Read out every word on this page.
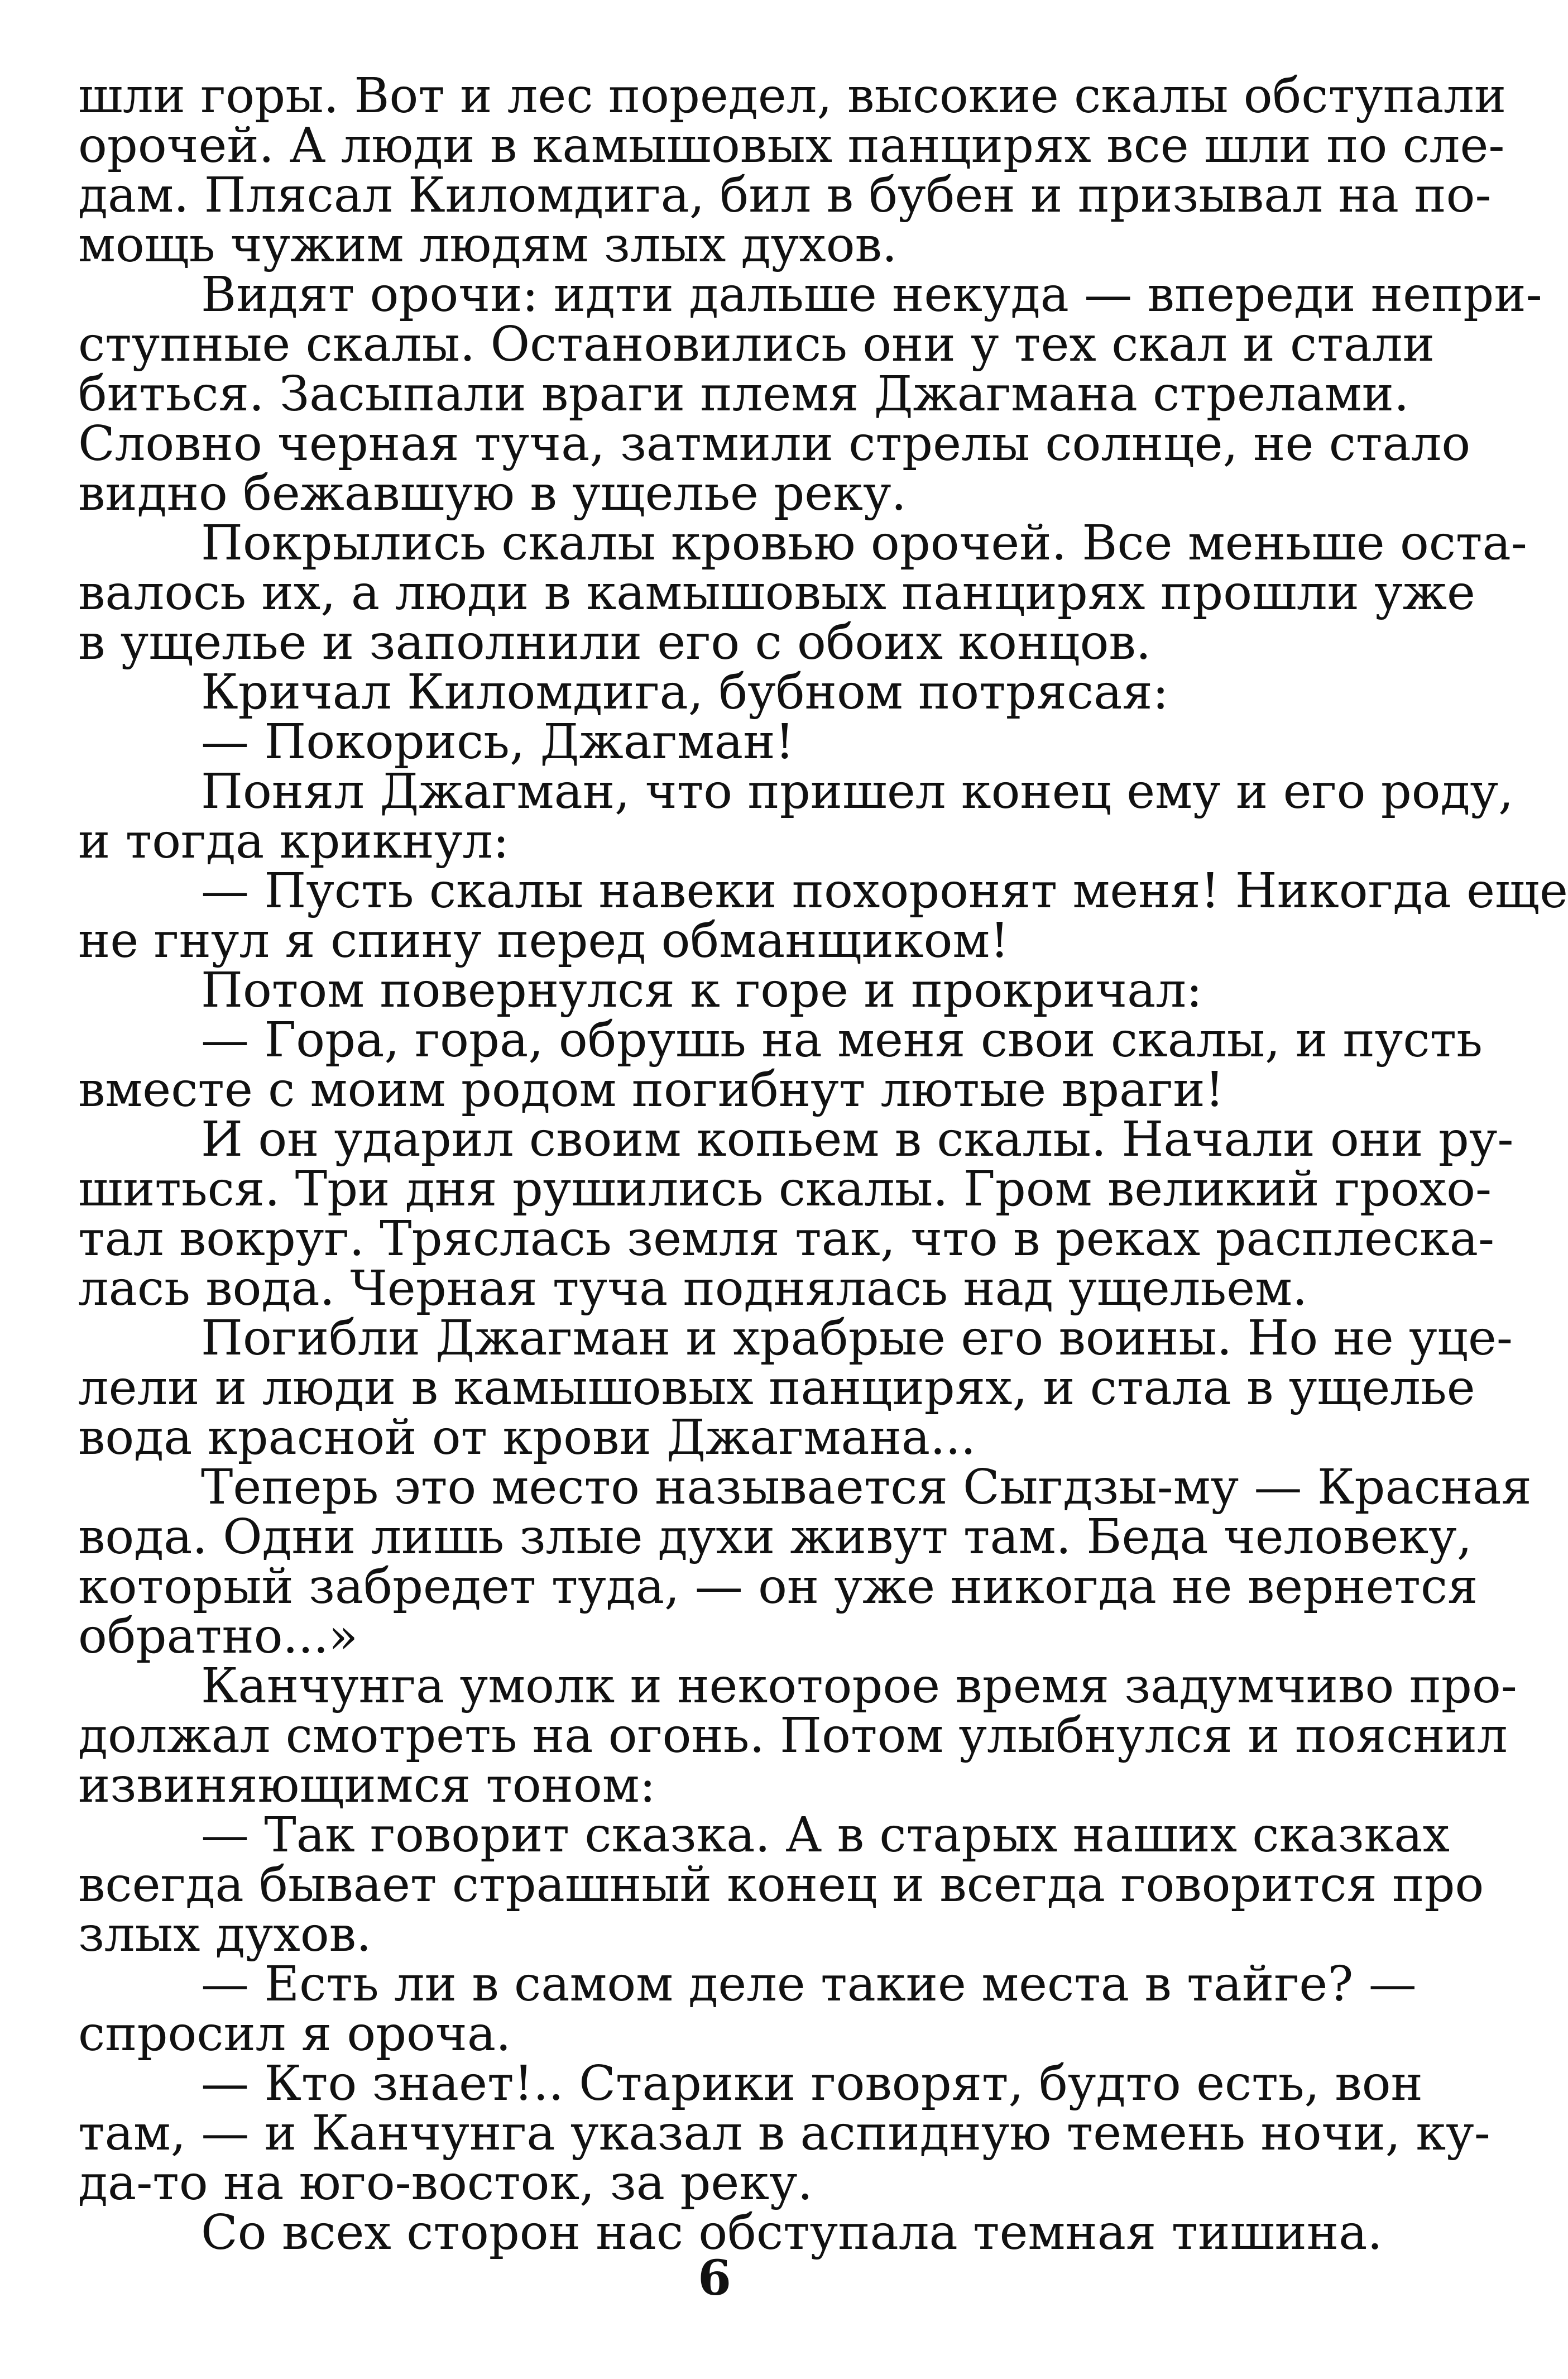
шли горы. Вот и лес поредел, высокие скалы обступали
орочей. А люди в камышовых панцирях все шли по сле-
дам. Плясал Киломдига, бил в бубен и призывал на по-
мощь чужим людям злых духов.
Видят орочи: идти дальше некуда — впереди непри-
ступные скалы. Остановились они у тех скал и стали
биться. Засыпали враги племя Джагмана стрелами.
Словно черная туча, затмили стрелы солнце, не стало
видно бежавшую в ущелье реку.
Покрылись скалы кровью орочей. Все меньше оста-
валось их, а люди в камышовых панцирях прошли уже
в ущелье и заполнили его с обоих концов.
Кричал Киломдига, бубном потрясая:
— Покорись, Джагман!
Понял Джагман, что пришел конец ему и его роду,
и тогда крикнул:
— Пусть скалы навеки похоронят меня! Никогда еще
не гнул я спину перед обманщиком!
Потом повернулся к горе и прокричал:
— Гора, гора, обрушь на меня свои скалы, и пусть
вместе с моим родом погибнут лютые враги!
И он ударил своим копьем в скалы. Начали они ру-
шиться. Три дня рушились скалы. Гром великий грохо-
тал вокруг. Тряслась земля так, что в реках расплеска-
лась вода. Черная туча поднялась над ущельем.
Погибли Джагман и храбрые его воины. Но не уце-
лели и люди в камышовых панцирях, и стала в ущелье
вода красной от крови Джагмана...
Теперь это место называется Сыгдзы-му — Красная
вода. Одни лишь злые духи живут там. Беда человеку,
который забредет туда, — он уже никогда не вернется
обратно...»
Канчунга умолк и некоторое время задумчиво про-
должал смотреть на огонь. Потом улыбнулся и пояснил
извиняющимся тоном:
— Так говорит сказка. А в старых наших сказках
всегда бывает страшный конец и всегда говорится про
злых духов.
— Есть ли в самом деле такие места в тайге? —
спросил я ороча.
— Кто знает!.. Старики говорят, будто есть, вон
там, — и Канчунга указал в аспидную темень ночи, ку-
да-то на юго-восток, за реку.
Со всех сторон нас обступала темная тишина.
6
